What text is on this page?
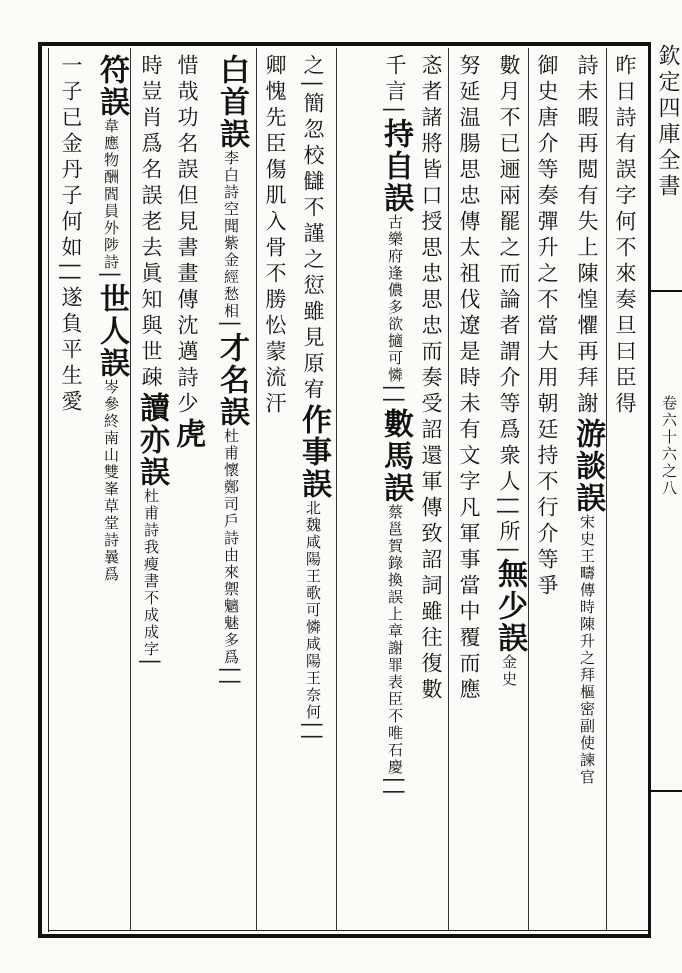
欽定四庫全書
卷六十六之八
昨日詩有誤字何不來奏旦曰臣得
詩未暇再閲有失上陳惶懼再拜謝游談誤宋史王疇傳時陳升之拜樞密副使諫官
御史唐介等奏彈升之不當大用朝廷持不行介等爭
數月不已逦兩罷之而論者謂介等爲衆人||所|無少誤金史
努延温腸思忠傳太祖伐遼是時未有文字凡軍事當中覆而應
忞者諸將皆口授思忠思忠而奏受詔還軍傳致詔詞雖往復數
千言|持自誤古樂府逢儂多欲擿可憐||數馬誤蔡邕賀錄換誤上章謝罪表臣不唯石慶||
之|簡忽校讎不謹之愆雖見原宥作事誤北魏咸陽王歌可憐咸陽王奈何||
卿愧先臣傷肌入骨不勝忪蒙流汗
白首誤李白詩空聞紫金經愁相|才名誤杜甫懷鄭司戶詩由來禦魑魅多爲||
惜哉功名誤但見書畫傳沈邁詩少虎
時豈肖爲名誤老去眞知與世疎讀亦誤杜甫詩我瘦書不成成字|
符誤韋應物酬閻員外陟詩|世人誤岑參終南山雙峯草堂詩曩爲
一子已金丹子何如||遂負平生愛
